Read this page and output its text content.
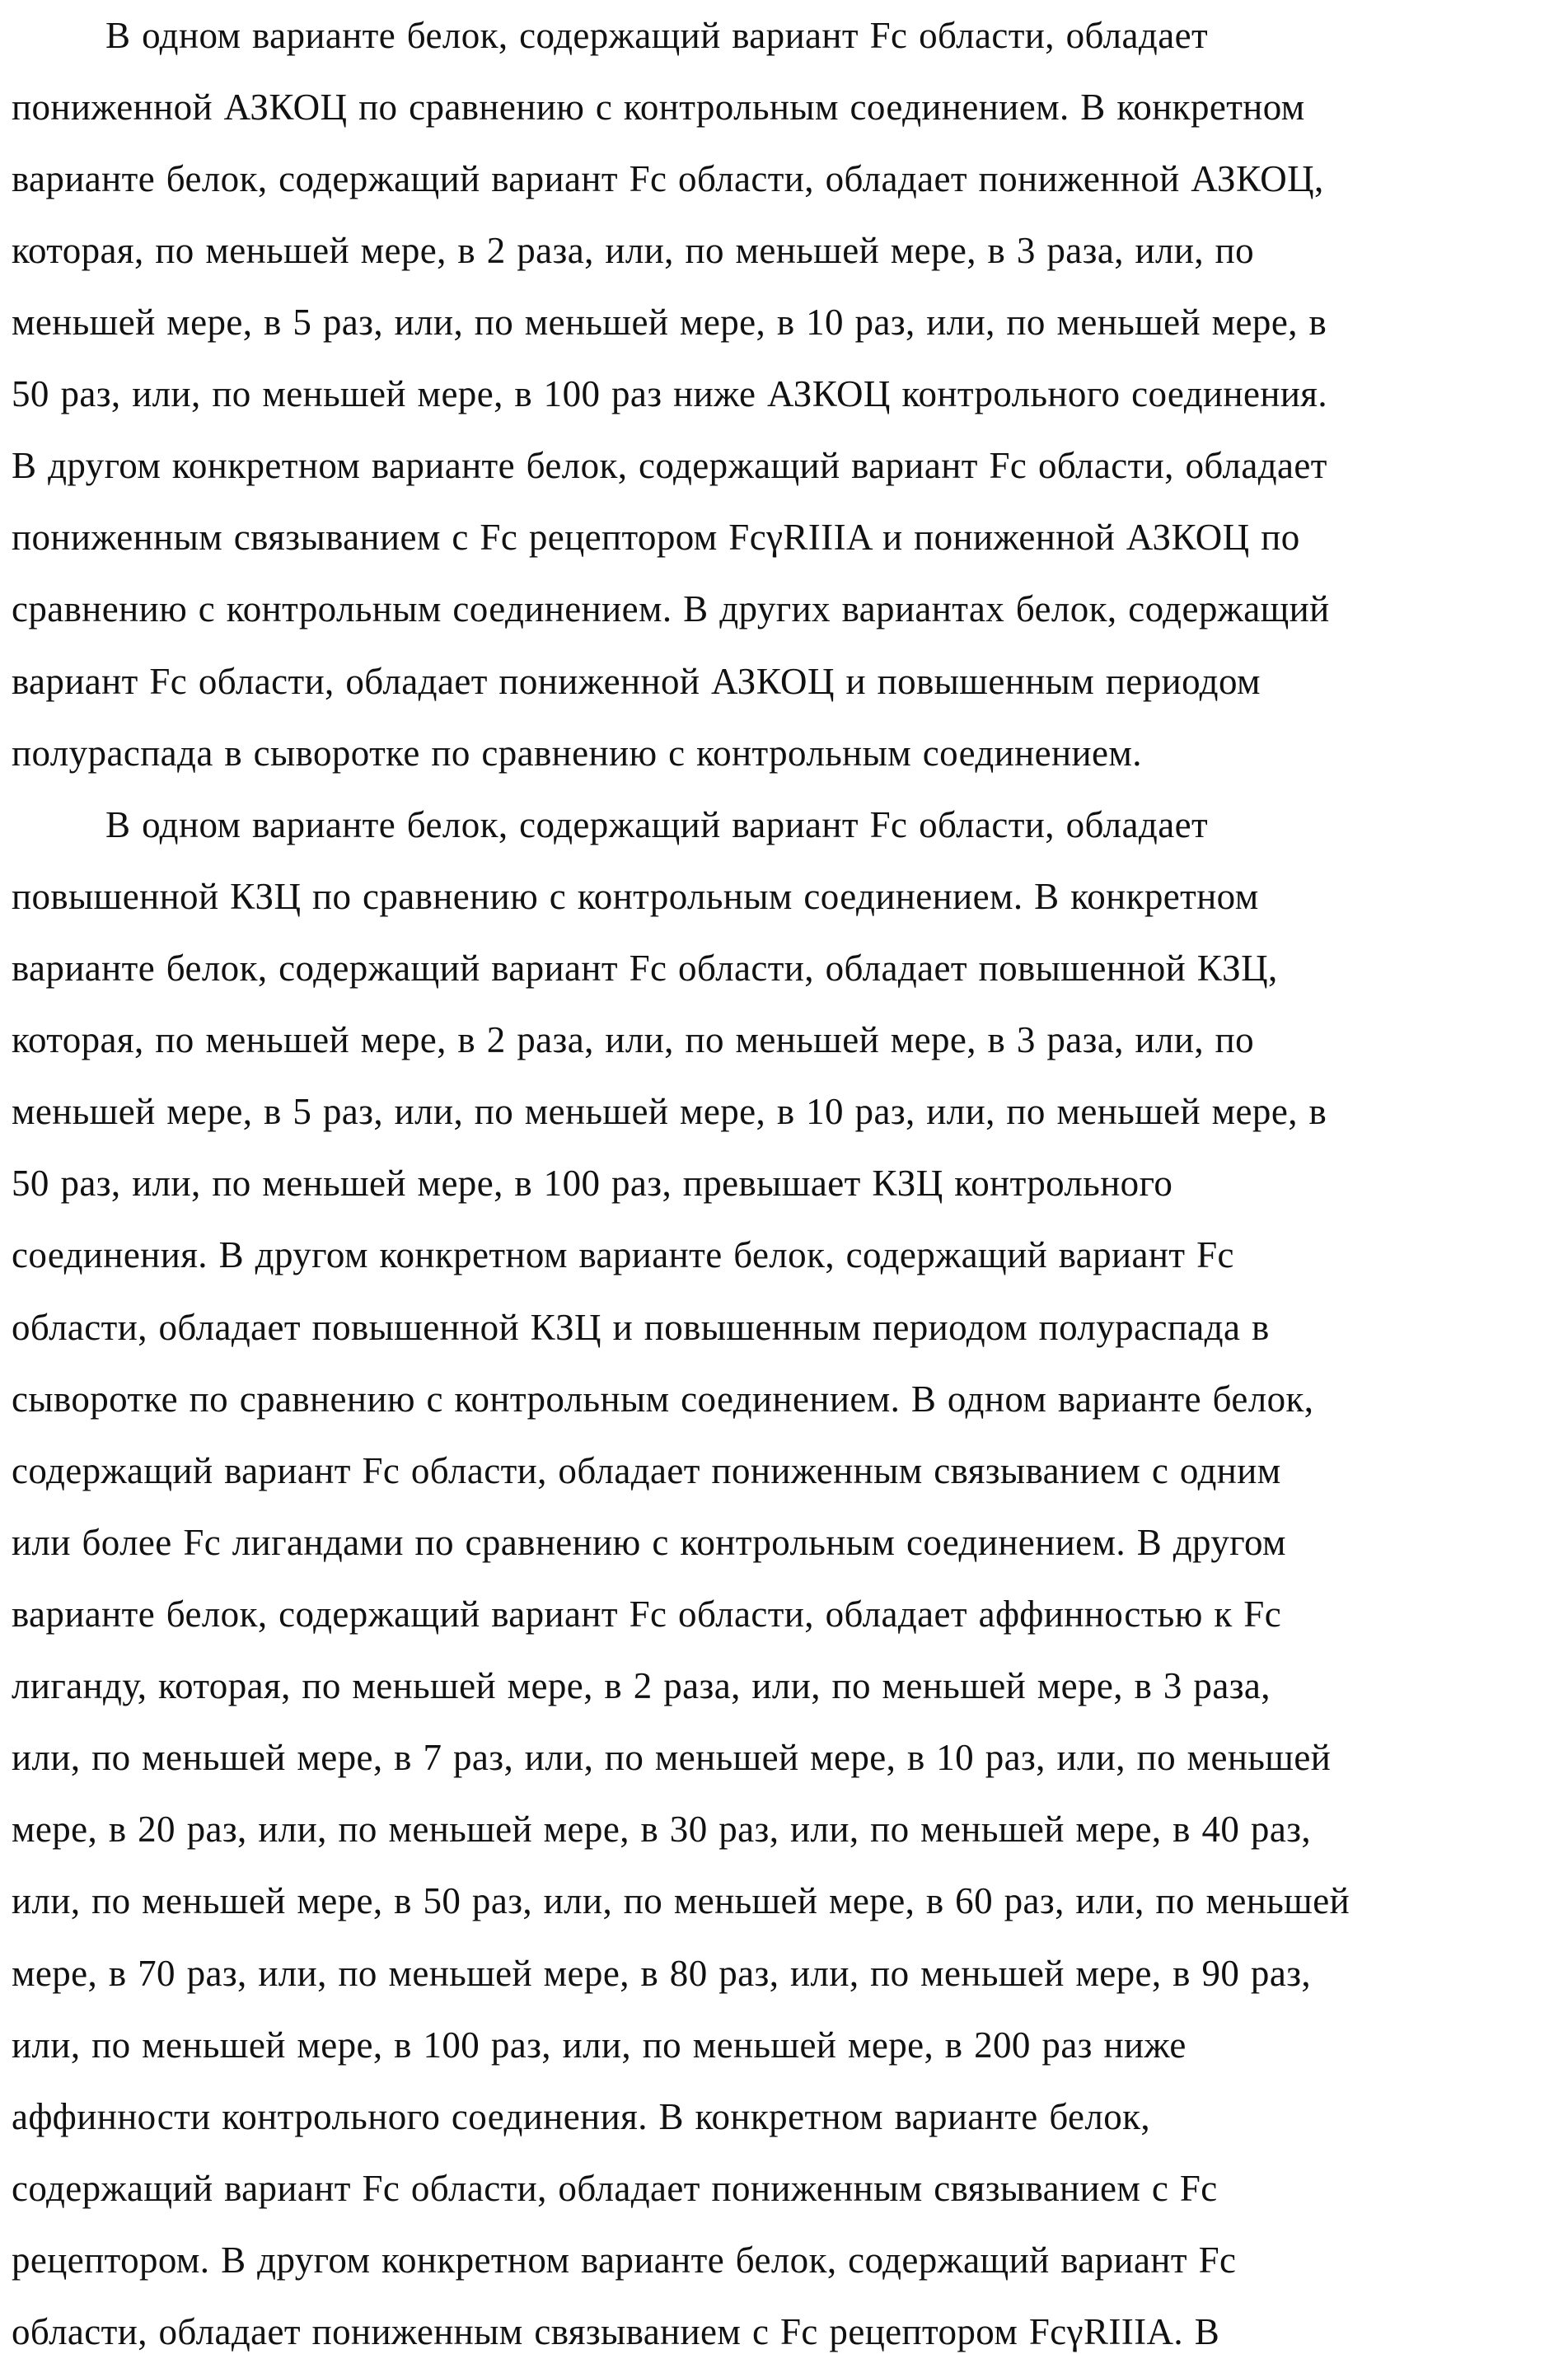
В одном варианте белок, содержащий вариант Fc области, обладает
пониженной АЗКОЦ по сравнению с контрольным соединением. В конкретном
варианте белок, содержащий вариант Fc области, обладает пониженной АЗКОЦ,
которая, по меньшей мере, в 2 раза, или, по меньшей мере, в 3 раза, или, по
меньшей мере, в 5 раз, или, по меньшей мере, в 10 раз, или, по меньшей мере, в
50 раз, или, по меньшей мере, в 100 раз ниже АЗКОЦ контрольного соединения.
В другом конкретном варианте белок, содержащий вариант Fc области, обладает
пониженным связыванием с Fc рецептором FcγRIIIA и пониженной АЗКОЦ по
сравнению с контрольным соединением. В других вариантах белок, содержащий
вариант Fc области, обладает пониженной АЗКОЦ и повышенным периодом
полураспада в сыворотке по сравнению с контрольным соединением.
В одном варианте белок, содержащий вариант Fc области, обладает
повышенной КЗЦ по сравнению с контрольным соединением. В конкретном
варианте белок, содержащий вариант Fc области, обладает повышенной КЗЦ,
которая, по меньшей мере, в 2 раза, или, по меньшей мере, в 3 раза, или, по
меньшей мере, в 5 раз, или, по меньшей мере, в 10 раз, или, по меньшей мере, в
50 раз, или, по меньшей мере, в 100 раз, превышает КЗЦ контрольного
соединения. В другом конкретном варианте белок, содержащий вариант Fc
области, обладает повышенной КЗЦ и повышенным периодом полураспада в
сыворотке по сравнению с контрольным соединением. В одном варианте белок,
содержащий вариант Fc области, обладает пониженным связыванием с одним
или более Fc лигандами по сравнению с контрольным соединением. В другом
варианте белок, содержащий вариант Fc области, обладает аффинностью к Fc
лиганду, которая, по меньшей мере, в 2 раза, или, по меньшей мере, в 3 раза,
или, по меньшей мере, в 7 раз, или, по меньшей мере, в 10 раз, или, по меньшей
мере, в 20 раз, или, по меньшей мере, в 30 раз, или, по меньшей мере, в 40 раз,
или, по меньшей мере, в 50 раз, или, по меньшей мере, в 60 раз, или, по меньшей
мере, в 70 раз, или, по меньшей мере, в 80 раз, или, по меньшей мере, в 90 раз,
или, по меньшей мере, в 100 раз, или, по меньшей мере, в 200 раз ниже
аффинности контрольного соединения. В конкретном варианте белок,
содержащий вариант Fc области, обладает пониженным связыванием с Fc
рецептором. В другом конкретном варианте белок, содержащий вариант Fc
области, обладает пониженным связыванием с Fc рецептором FcγRIIIA. В
